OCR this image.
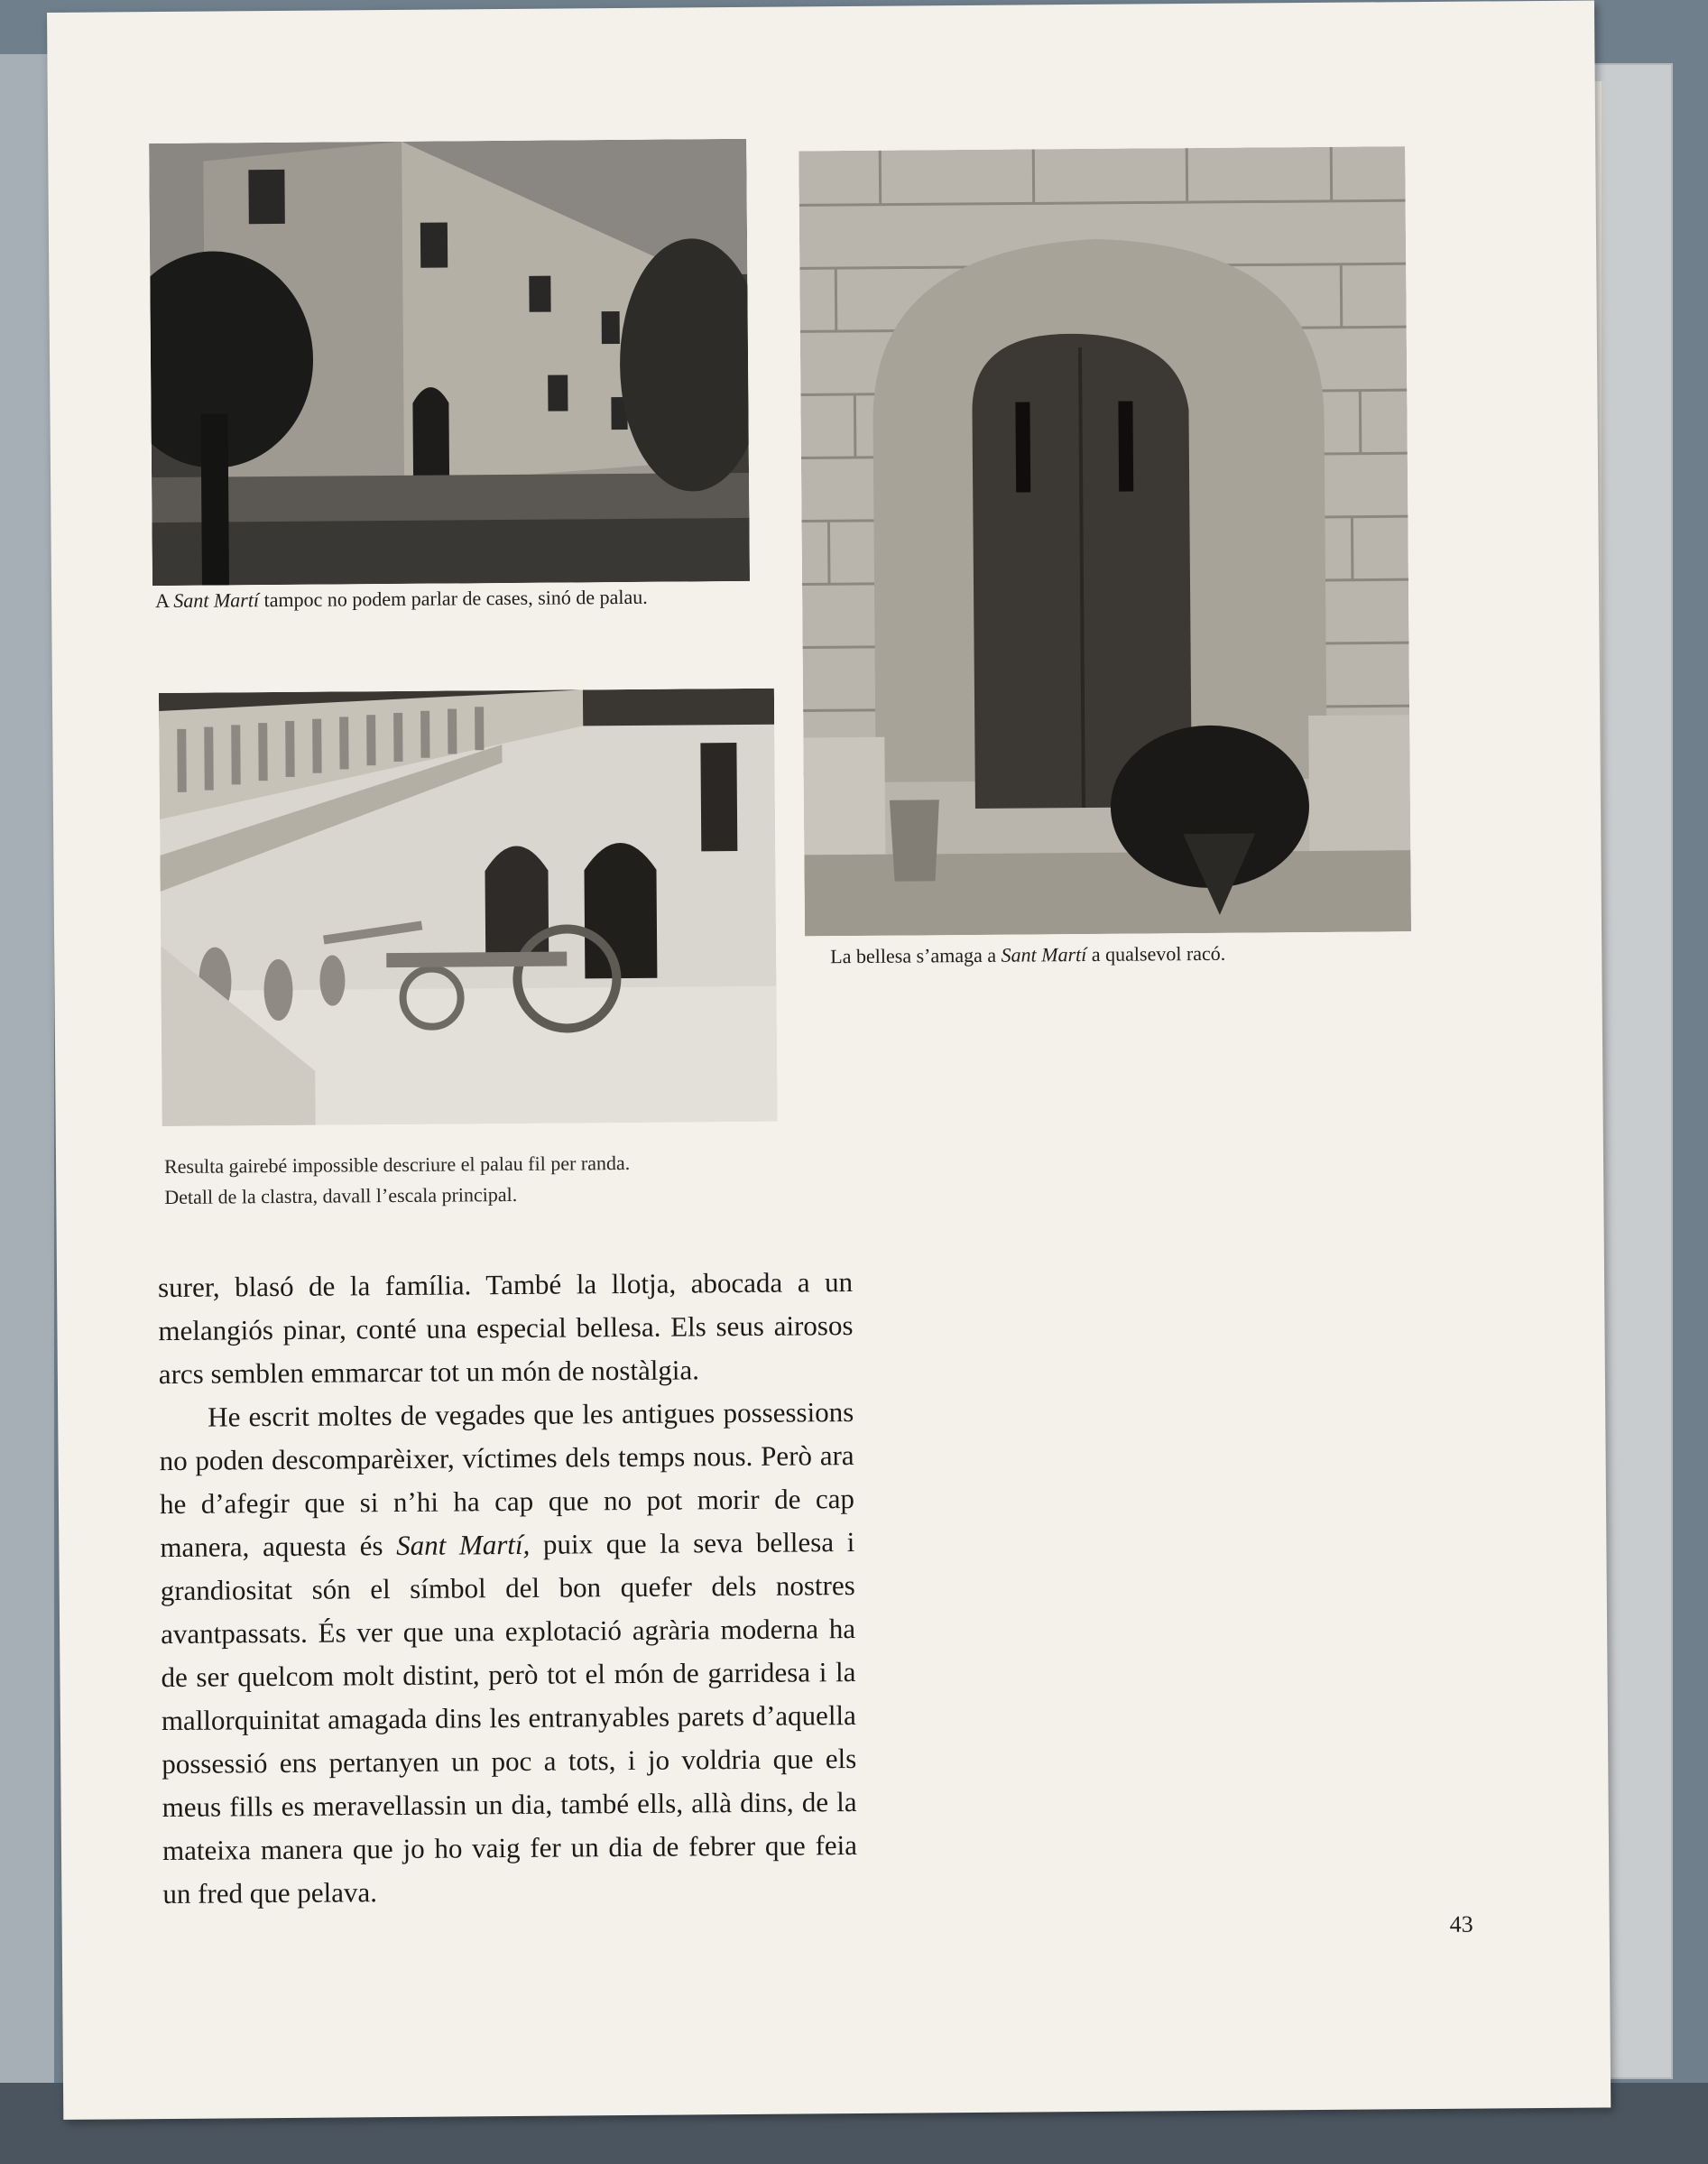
A Sant Martí tampoc no podem parlar de cases, sinó de palau.
Resulta gairebé impossible descriure el palau fil per randa.
Detall de la clastra, davall l’escala principal.
La bellesa s’amaga a Sant Martí a qualsevol racó.

surer, blasó de la família. També la llotja, abocada a un melangiós pinar, conté una especial bellesa. Els seus airosos arcs semblen emmarcar tot un món de nostàlgia.

He escrit moltes de vegades que les antigues possessions no poden descomparèixer, víctimes dels temps nous. Però ara he d’afegir que si n’hi ha cap que no pot morir de cap manera, aquesta és Sant Martí, puix que la seva bellesa i grandiositat són el símbol del bon quefer dels nostres avantpassats. És ver que una explotació agrària moderna ha de ser quelcom molt distint, però tot el món de garridesa i la mallorquinitat amagada dins les entranyables parets d’aquella possessió ens pertanyen un poc a tots, i jo voldria que els meus fills es meravellassin un dia, també ells, allà dins, de la mateixa manera que jo ho vaig fer un dia de febrer que feia un fred que pelava.

43
